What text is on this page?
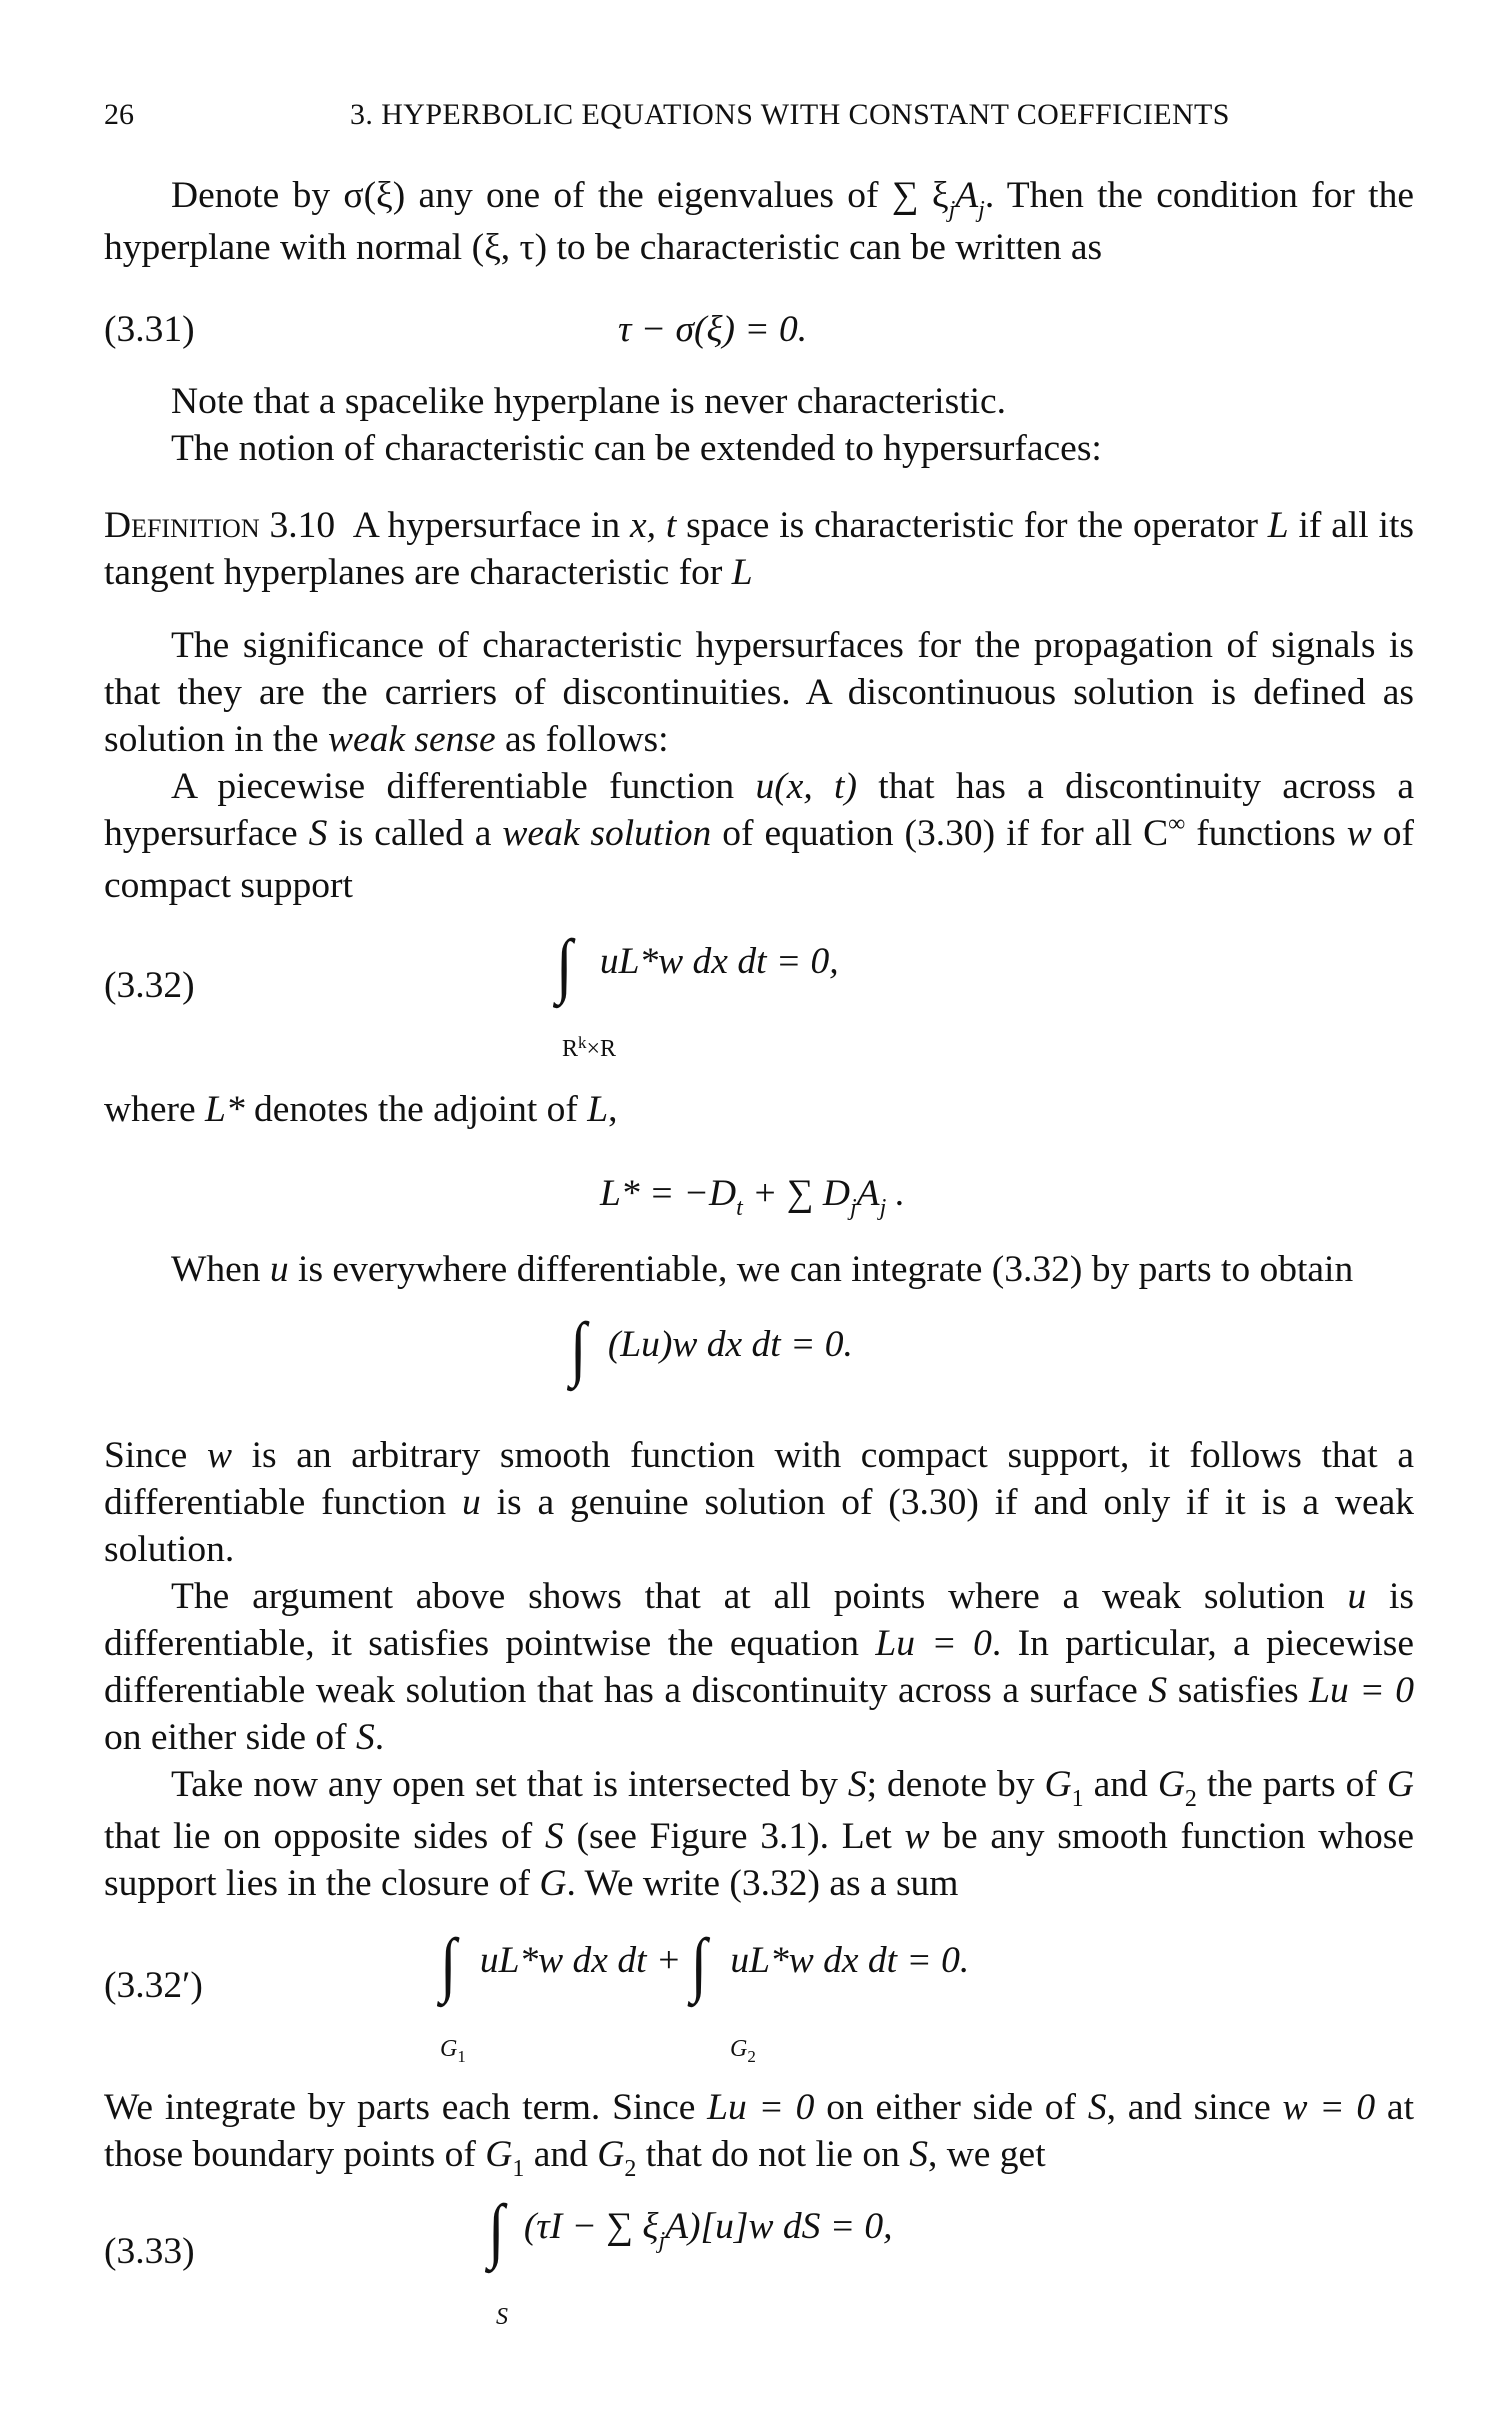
26	3. HYPERBOLIC EQUATIONS WITH CONSTANT COEFFICIENTS

Denote by σ(ξ) any one of the eigenvalues of ∑ $\xi_jA_j$. Then the condition for the hyperplane with normal (ξ, τ) to be characteristic can be written as

(3.31)	τ − σ(ξ) = 0.

Note that a spacelike hyperplane is never characteristic.

The notion of characteristic can be extended to hypersurfaces:

Definition 3.10 A hypersurface in x, t space is characteristic for the operator L if all its tangent hyperplanes are characteristic for L

The significance of characteristic hypersurfaces for the propagation of signals is that they are the carriers of discontinuities. A discontinuous solution is defined as solution in the weak sense as follows:

A piecewise differentiable function u(x, t) that has a discontinuity across a hypersurface S is called a weak solution of equation (3.30) if for all C∞ functions w of compact support

(3.32)	∫ uL*w dx dt = 0,
$R^k\times R$

where L* denotes the adjoint of L,

$L* = -D_t$ + ∑ $D_jA_j$ .

When u is everywhere differentiable, we can integrate (3.32) by parts to obtain

∫ (Lu)w dx dt = 0.

Since w is an arbitrary smooth function with compact support, it follows that a differentiable function u is a genuine solution of (3.30) if and only if it is a weak solution.

The argument above shows that at all points where a weak solution u is differentiable, it satisfies pointwise the equation Lu = 0. In particular, a piecewise differentiable weak solution that has a discontinuity across a surface S satisfies Lu = 0 on either side of S.

Take now any open set that is intersected by S; denote by $G_1$ and $G_2$ the parts of G that lie on opposite sides of S (see Figure 3.1). Let w be any smooth function whose support lies in the closure of G. We write (3.32) as a sum

(3.32′)	∫ uL*w dx dt + ∫ uL*w dx dt = 0.
$G_1$	$G_2$

We integrate by parts each term. Since Lu = 0 on either side of S, and since w = 0 at those boundary points of $G_1$ and $G_2$ that do not lie on S, we get

(3.33)	∫ (τI − ∑ $\xi_jA)[u]w$ dS = 0,
S
